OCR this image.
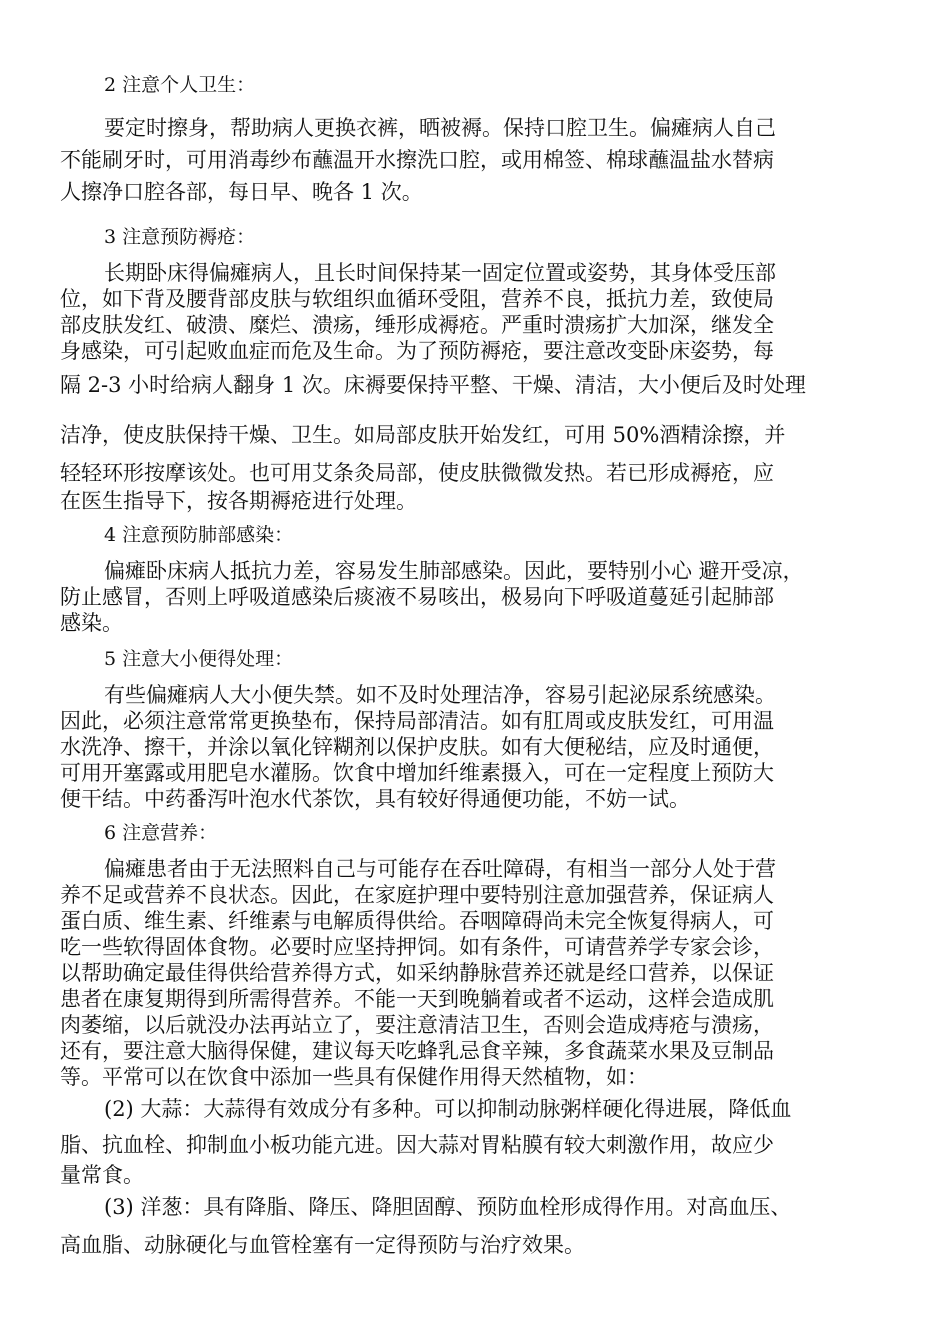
2 注意个人卫生：

要定时擦身，帮助病人更换衣裤，晒被褥。保持口腔卫生。偏瘫病人自己
不能刷牙时，可用消毒纱布蘸温开水擦洗口腔，或用棉签、棉球蘸温盐水替病
人擦净口腔各部，每日早、晚各 1 次。

3 注意预防褥疮：

长期卧床得偏瘫病人，且长时间保持某一固定位置或姿势，其身体受压部
位，如下背及腰背部皮肤与软组织血循环受阻，营养不良，抵抗力差，致使局
部皮肤发红、破溃、糜烂、溃疡，缍形成褥疮。严重时溃疡扩大加深，继发全
身感染，可引起败血症而危及生命。为了预防褥疮，要注意改变卧床姿势，每

隔 2-3 小时给病人翻身 1 次。床褥要保持平整、干燥、清洁，大小便后及时处理

洁净，使皮肤保持干燥、卫生。如局部皮肤开始发红，可用 50%酒精涂擦，并

轻轻环形按摩该处。也可用艾条灸局部，使皮肤微微发热。若已形成褥疮，应
在医生指导下，按各期褥疮进行处理。

4 注意预防肺部感染：

偏瘫卧床病人抵抗力差，容易发生肺部感染。因此，要特别小心 避开受凉，
防止感冒，否则上呼吸道感染后痰液不易咳出，极易向下呼吸道蔓延引起肺部
感染。

5 注意大小便得处理：

有些偏瘫病人大小便失禁。如不及时处理洁净，容易引起泌尿系统感染。
因此，必须注意常常更换垫布，保持局部清洁。如有肛周或皮肤发红，可用温
水洗净、擦干，并涂以氧化锌糊剂以保护皮肤。如有大便秘结，应及时通便，
可用开塞露或用肥皂水灌肠。饮食中增加纤维素摄入，可在一定程度上预防大
便干结。中药番泻叶泡水代茶饮，具有较好得通便功能，不妨一试。

6 注意营养：

偏瘫患者由于无法照料自己与可能存在吞吐障碍，有相当一部分人处于营
养不足或营养不良状态。因此，在家庭护理中要特别注意加强营养，保证病人
蛋白质、维生素、纤维素与电解质得供给。吞咽障碍尚未完全恢复得病人，可
吃一些软得固体食物。必要时应坚持押饲。如有条件，可请营养学专家会诊，
以帮助确定最佳得供给营养得方式，如采纳静脉营养还就是经口营养，以保证
患者在康复期得到所需得营养。不能一天到晚躺着或者不运动，这样会造成肌
肉萎缩，以后就没办法再站立了，要注意清洁卫生，否则会造成痔疮与溃疡，
还有，要注意大脑得保健，建议每天吃蜂乳忌食辛辣，多食蔬菜水果及豆制品
等。平常可以在饮食中添加一些具有保健作用得天然植物，如：

(2) 大蒜：大蒜得有效成分有多种。可以抑制动脉粥样硬化得进展，降低血
脂、抗血栓、抑制血小板功能亢进。因大蒜对胃粘膜有较大刺激作用，故应少
量常食。

(3) 洋葱：具有降脂、降压、降胆固醇、预防血栓形成得作用。对高血压、
高血脂、动脉硬化与血管栓塞有一定得预防与治疗效果。
